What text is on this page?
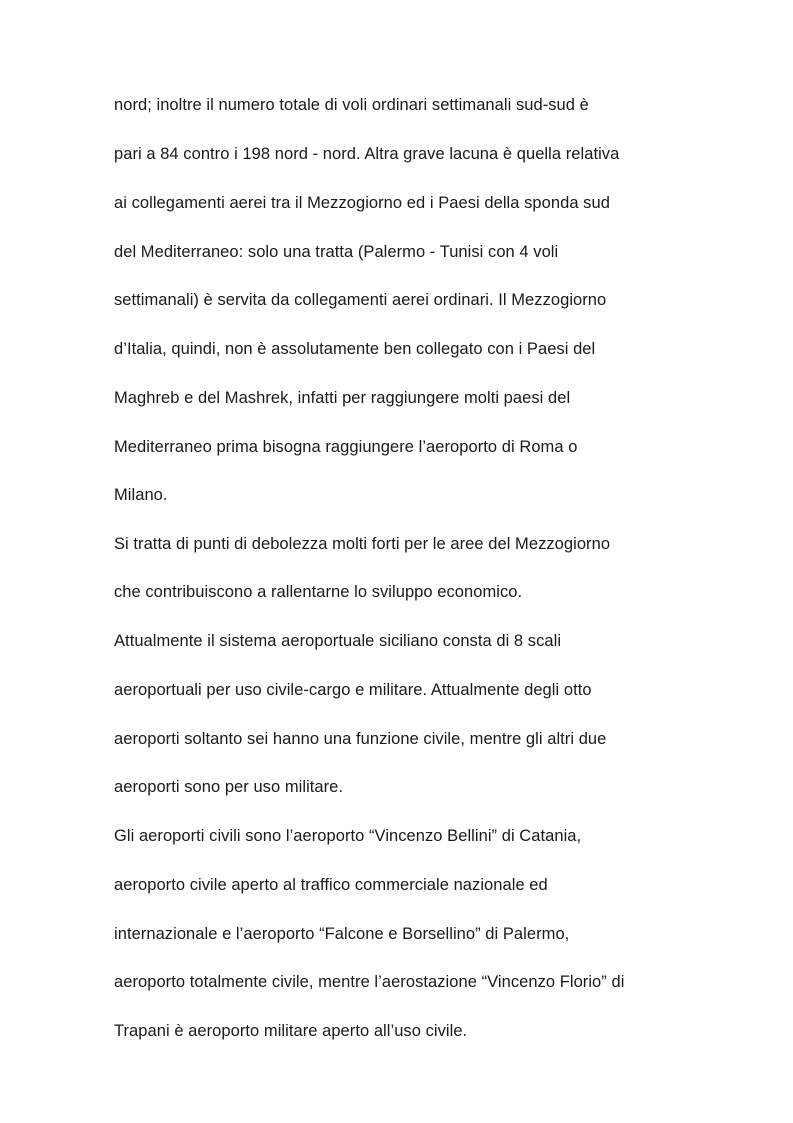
nord; inoltre il numero totale di voli ordinari settimanali sud-sud è

pari a 84 contro i 198 nord - nord. Altra grave lacuna è quella relativa

ai collegamenti aerei tra il Mezzogiorno ed i Paesi della sponda sud

del Mediterraneo: solo una tratta (Palermo - Tunisi con 4 voli

settimanali) è servita da collegamenti aerei ordinari. Il Mezzogiorno

d’Italia, quindi, non è assolutamente ben collegato con i Paesi del

Maghreb e del Mashrek, infatti per raggiungere molti paesi del

Mediterraneo prima bisogna raggiungere l’aeroporto di Roma o

Milano.

Si tratta di punti di debolezza molti forti per le aree del Mezzogiorno

che contribuiscono a rallentarne lo sviluppo economico.

Attualmente il sistema aeroportuale siciliano consta di 8 scali

aeroportuali per uso civile-cargo e militare. Attualmente degli otto

aeroporti soltanto sei hanno una funzione civile, mentre gli altri due

aeroporti sono per uso militare.

Gli aeroporti civili sono l’aeroporto “Vincenzo Bellini” di Catania,

aeroporto civile aperto al traffico commerciale nazionale ed

internazionale e l’aeroporto “Falcone e Borsellino” di Palermo,

aeroporto totalmente civile, mentre l’aerostazione “Vincenzo Florio” di

Trapani è aeroporto militare aperto all’uso civile.
